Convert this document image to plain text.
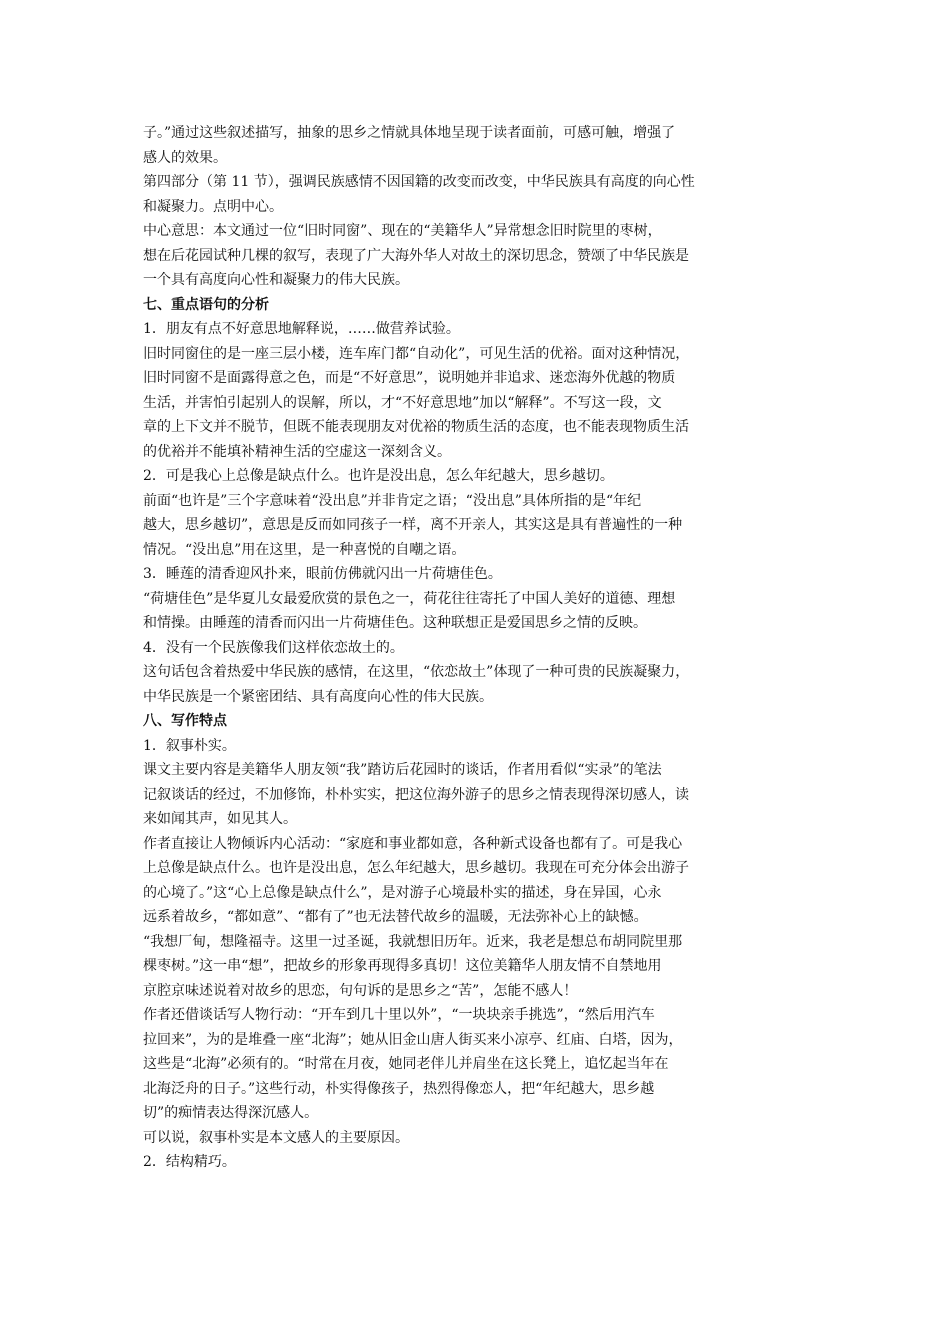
子。”通过这些叙述描写，抽象的思乡之情就具体地呈现于读者面前，可感可触，增强了
感人的效果。
第四部分（第 11 节），强调民族感情不因国籍的改变而改变，中华民族具有高度的向心性
和凝聚力。点明中心。
中心意思：本文通过一位“旧时同窗”、现在的“美籍华人”异常想念旧时院里的枣树，
想在后花园试种几棵的叙写，表现了广大海外华人对故土的深切思念，赞颂了中华民族是
一个具有高度向心性和凝聚力的伟大民族。
七、重点语句的分析
1．朋友有点不好意思地解释说，……做营养试验。
旧时同窗住的是一座三层小楼，连车库门都“自动化”，可见生活的优裕。面对这种情况，
旧时同窗不是面露得意之色，而是“不好意思”，说明她并非追求、迷恋海外优越的物质
生活，并害怕引起别人的误解，所以，才“不好意思地”加以“解释”。不写这一段，文
章的上下文并不脱节，但既不能表现朋友对优裕的物质生活的态度，也不能表现物质生活
的优裕并不能填补精神生活的空虚这一深刻含义。
2．可是我心上总像是缺点什么。也许是没出息，怎么年纪越大，思乡越切。
前面“也许是”三个字意味着“没出息”并非肯定之语；“没出息”具体所指的是“年纪
越大，思乡越切”，意思是反而如同孩子一样，离不开亲人，其实这是具有普遍性的一种
情况。“没出息”用在这里，是一种喜悦的自嘲之语。
3．睡莲的清香迎风扑来，眼前仿佛就闪出一片荷塘佳色。
“荷塘佳色”是华夏儿女最爱欣赏的景色之一，荷花往往寄托了中国人美好的道德、理想
和情操。由睡莲的清香而闪出一片荷塘佳色。这种联想正是爱国思乡之情的反映。
4．没有一个民族像我们这样依恋故土的。
这句话包含着热爱中华民族的感情，在这里，“依恋故土”体现了一种可贵的民族凝聚力，
中华民族是一个紧密团结、具有高度向心性的伟大民族。
八、写作特点
1．叙事朴实。
课文主要内容是美籍华人朋友领“我”踏访后花园时的谈话，作者用看似“实录”的笔法
记叙谈话的经过，不加修饰，朴朴实实，把这位海外游子的思乡之情表现得深切感人，读
来如闻其声，如见其人。
作者直接让人物倾诉内心活动：“家庭和事业都如意，各种新式设备也都有了。可是我心
上总像是缺点什么。也许是没出息，怎么年纪越大，思乡越切。我现在可充分体会出游子
的心境了。”这“心上总像是缺点什么”，是对游子心境最朴实的描述，身在异国，心永
远系着故乡，“都如意”、“都有了”也无法替代故乡的温暖，无法弥补心上的缺憾。
“我想厂甸，想隆福寺。这里一过圣诞，我就想旧历年。近来，我老是想总布胡同院里那
棵枣树。”这一串“想”，把故乡的形象再现得多真切！这位美籍华人朋友情不自禁地用
京腔京味述说着对故乡的思恋，句句诉的是思乡之“苦”，怎能不感人！
作者还借谈话写人物行动：“开车到几十里以外”，“一块块亲手挑选”，“然后用汽车
拉回来”，为的是堆叠一座“北海”；她从旧金山唐人街买来小凉亭、红庙、白塔，因为，
这些是“北海”必须有的。“时常在月夜，她同老伴儿并肩坐在这长凳上，追忆起当年在
北海泛舟的日子。”这些行动，朴实得像孩子，热烈得像恋人，把“年纪越大，思乡越
切”的痴情表达得深沉感人。
可以说，叙事朴实是本文感人的主要原因。
2．结构精巧。
